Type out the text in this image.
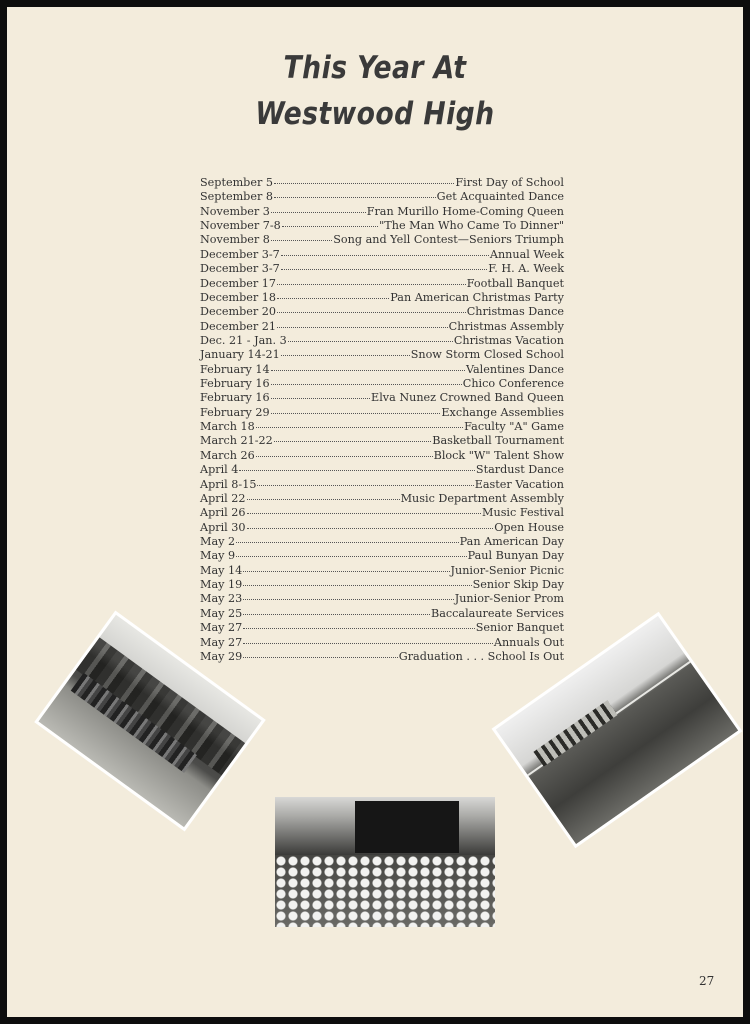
This Year At
Westwood High
September 5	First Day of School
September 8	Get Acquainted Dance
November 3	Fran Murillo Home-Coming Queen
November 7-8	"The Man Who Came To Dinner"
November 8	Song and Yell Contest—Seniors Triumph
December 3-7	Annual Week
December 3-7	F. H. A. Week
December 17	Football Banquet
December 18	Pan American Christmas Party
December 20	Christmas Dance
December 21	Christmas Assembly
Dec. 21 - Jan. 3	Christmas Vacation
January 14-21	Snow Storm Closed School
February 14	Valentines Dance
February 16	Chico Conference
February 16	Elva Nunez Crowned Band Queen
February 29	Exchange Assemblies
March 18	Faculty "A" Game
March 21-22	Basketball Tournament
March 26	Block "W" Talent Show
April 4	Stardust Dance
April 8-15	Easter Vacation
April 22	Music Department Assembly
April 26	Music Festival
April 30	Open House
May 2	Pan American Day
May 9	Paul Bunyan Day
May 14	Junior-Senior Picnic
May 19	Senior Skip Day
May 23	Junior-Senior Prom
May 25	Baccalaureate Services
May 27	Senior Banquet
May 27	Annuals Out
May 29	Graduation . . . School Is Out
27
